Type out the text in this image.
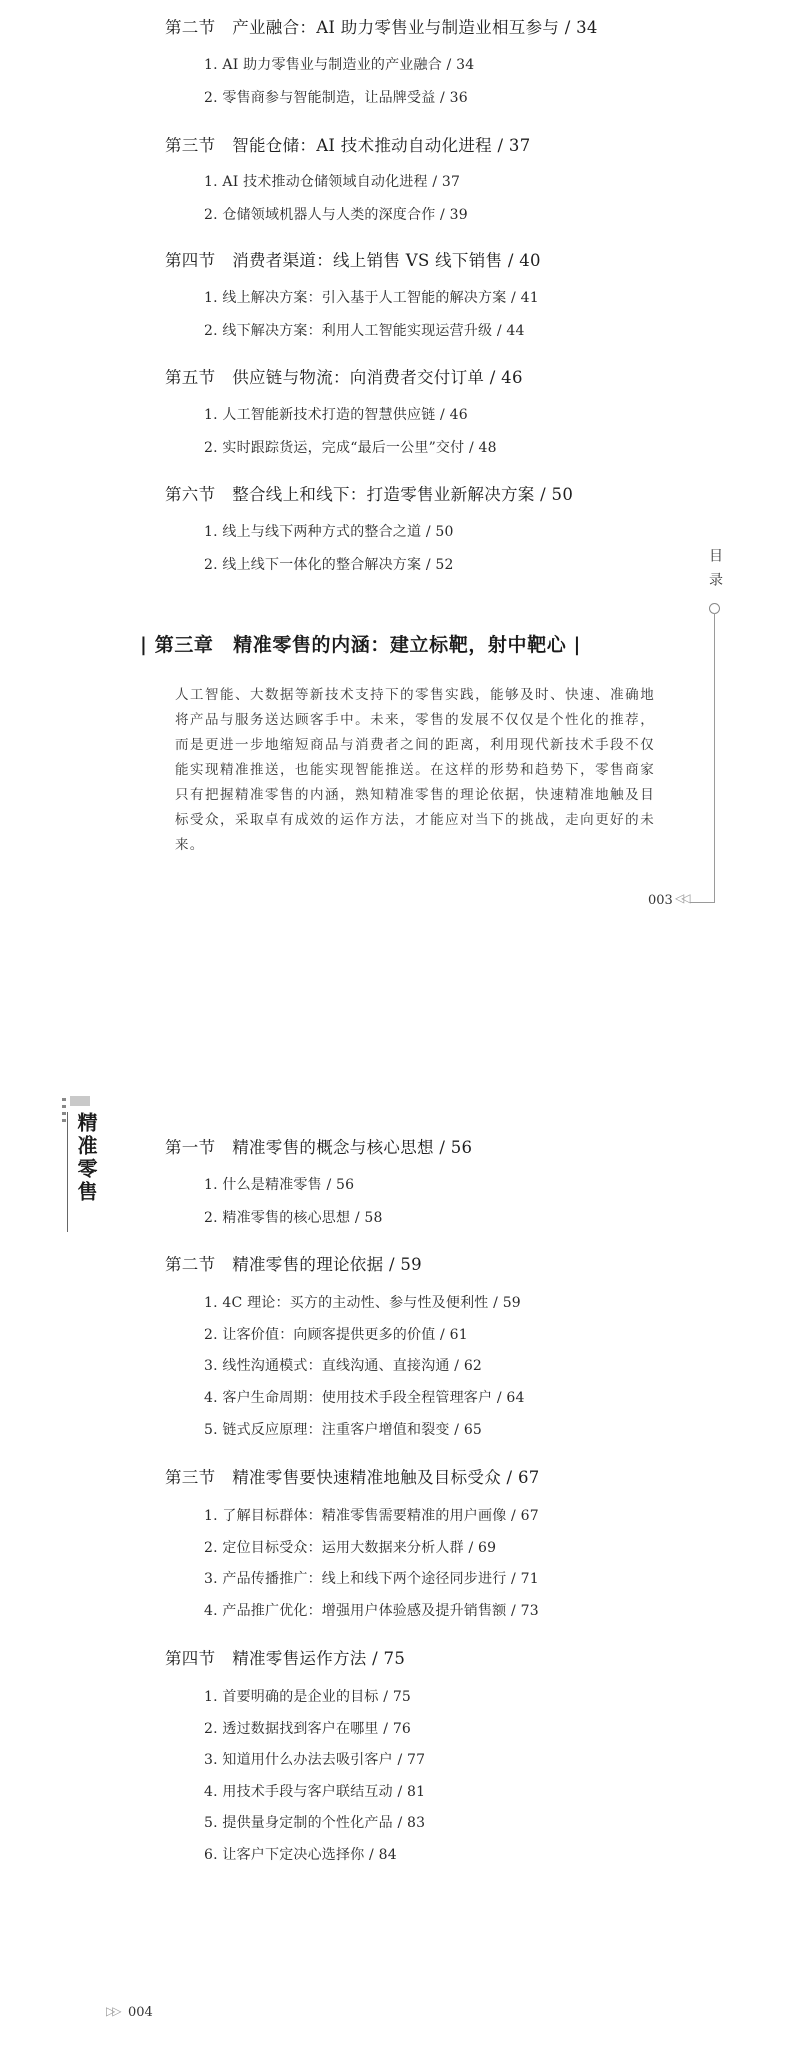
第二节　产业融合：AI 助力零售业与制造业相互参与 / 34
1. AI 助力零售业与制造业的产业融合 / 34
2. 零售商参与智能制造，让品牌受益 / 36
第三节　智能仓储：AI 技术推动自动化进程 / 37
1. AI 技术推动仓储领域自动化进程 / 37
2. 仓储领域机器人与人类的深度合作 / 39
第四节　消费者渠道：线上销售 VS 线下销售 / 40
1. 线上解决方案：引入基于人工智能的解决方案 / 41
2. 线下解决方案：利用人工智能实现运营升级 / 44
第五节　供应链与物流：向消费者交付订单 / 46
1. 人工智能新技术打造的智慧供应链 / 46
2. 实时跟踪货运，完成“最后一公里”交付 / 48
第六节　整合线上和线下：打造零售业新解决方案 / 50
1. 线上与线下两种方式的整合之道 / 50
2. 线上线下一体化的整合解决方案 / 52
| 第三章　精准零售的内涵：建立标靶，射中靶心 |
人工智能、大数据等新技术支持下的零售实践，能够及时、快速、准确地将产品与服务送达顾客手中。未来，零售的发展不仅仅是个性化的推荐，而是更进一步地缩短商品与消费者之间的距离，利用现代新技术手段不仅能实现精准推送，也能实现智能推送。在这样的形势和趋势下，零售商家只有把握精准零售的内涵，熟知精准零售的理论依据，快速精准地触及目标受众，采取卓有成效的运作方法，才能应对当下的挑战，走向更好的未来。
目录
003 ◁◁
精准零售	第一节　精准零售的概念与核心思想 / 56
1. 什么是精准零售 / 56
2. 精准零售的核心思想 / 58
第二节　精准零售的理论依据 / 59
1. 4C 理论：买方的主动性、参与性及便利性 / 59
2. 让客价值：向顾客提供更多的价值 / 61
3. 线性沟通模式：直线沟通、直接沟通 / 62
4. 客户生命周期：使用技术手段全程管理客户 / 64
5. 链式反应原理：注重客户增值和裂变 / 65
第三节　精准零售要快速精准地触及目标受众 / 67
1. 了解目标群体：精准零售需要精准的用户画像 / 67
2. 定位目标受众：运用大数据来分析人群 / 69
3. 产品传播推广：线上和线下两个途径同步进行 / 71
4. 产品推广优化：增强用户体验感及提升销售额 / 73
第四节　精准零售运作方法 / 75
1. 首要明确的是企业的目标 / 75
2. 透过数据找到客户在哪里 / 76
3. 知道用什么办法去吸引客户 / 77
4. 用技术手段与客户联结互动 / 81
5. 提供量身定制的个性化产品 / 83
6. 让客户下定决心选择你 / 84
▷▷ 004
